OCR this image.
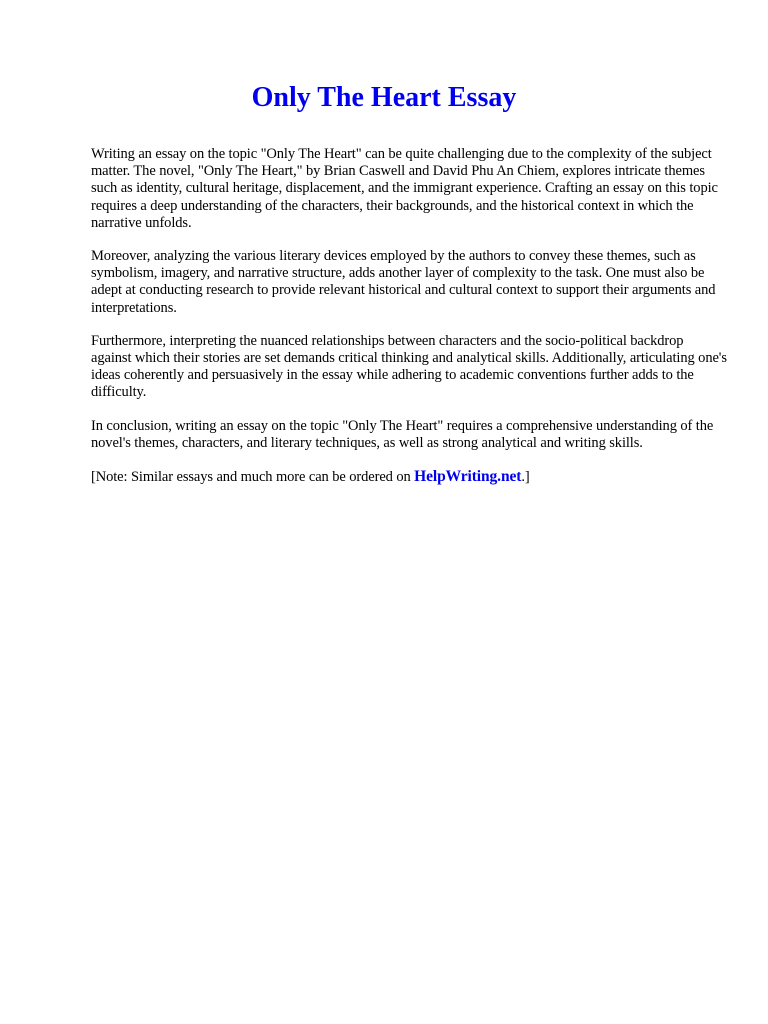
Only The Heart Essay

Writing an essay on the topic "Only The Heart" can be quite challenging due to the complexity of the subject matter. The novel, "Only The Heart," by Brian Caswell and David Phu An Chiem, explores intricate themes such as identity, cultural heritage, displacement, and the immigrant experience. Crafting an essay on this topic requires a deep understanding of the characters, their backgrounds, and the historical context in which the narrative unfolds.

Moreover, analyzing the various literary devices employed by the authors to convey these themes, such as symbolism, imagery, and narrative structure, adds another layer of complexity to the task. One must also be adept at conducting research to provide relevant historical and cultural context to support their arguments and interpretations.

Furthermore, interpreting the nuanced relationships between characters and the socio-political backdrop against which their stories are set demands critical thinking and analytical skills. Additionally, articulating one's ideas coherently and persuasively in the essay while adhering to academic conventions further adds to the difficulty.

In conclusion, writing an essay on the topic "Only The Heart" requires a comprehensive understanding of the novel's themes, characters, and literary techniques, as well as strong analytical and writing skills.

[Note: Similar essays and much more can be ordered on HelpWriting.net.]
